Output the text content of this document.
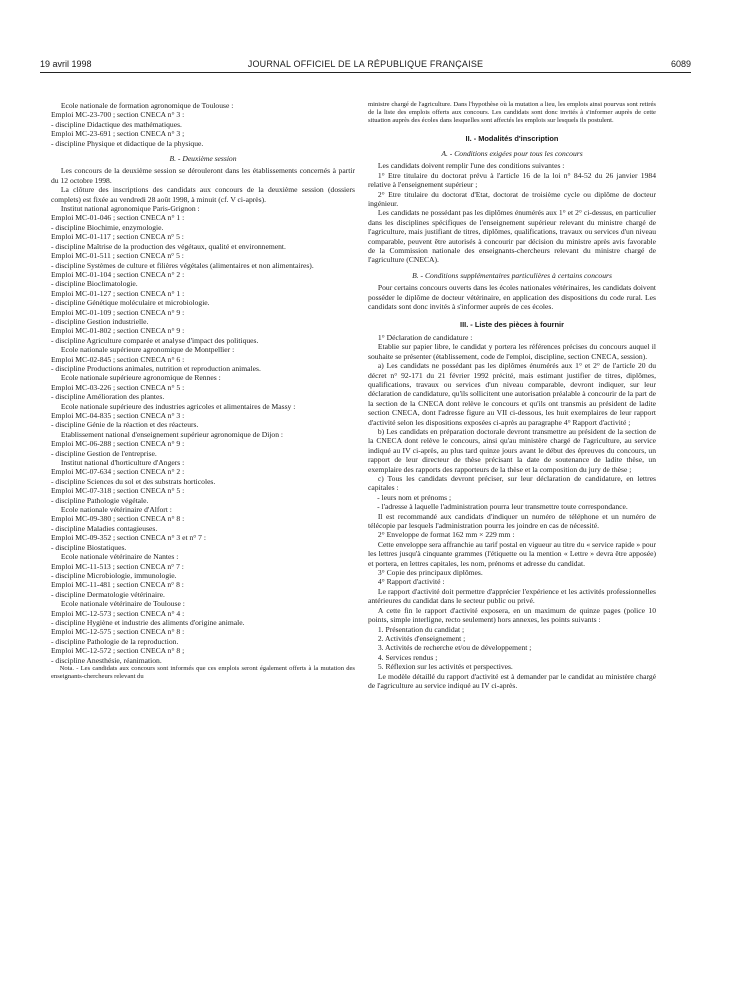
19 avril 1998	JOURNAL OFFICIEL DE LA RÉPUBLIQUE FRANÇAISE	6089

Ecole nationale de formation agronomique de Toulouse :

Emploi MC-23-700 ; section CNECA n° 3 :

- discipline Didactique des mathématiques.

Emploi MC-23-691 ; section CNECA n° 3 ;

- discipline Physique et didactique de la physique.

B. - Deuxième session

Les concours de la deuxième session se dérouleront dans les établissements concernés à partir du 12 octobre 1998.

La clôture des inscriptions des candidats aux concours de la deuxième session (dossiers complets) est fixée au vendredi 28 août 1998, à minuit (cf. V ci-après).

Institut national agronomique Paris-Grignon :

Emploi MC-01-046 ; section CNECA n° 1 :

- discipline Biochimie, enzymologie.

Emploi MC-01-117 ; section CNECA n° 5 :

- discipline Maîtrise de la production des végétaux, qualité et environnement.

Emploi MC-01-511 ; section CNECA n° 5 :

- discipline Systèmes de culture et filières végétales (alimentaires et non alimentaires).

Emploi MC-01-104 ; section CNECA n° 2 :

- discipline Bioclimatologie.

Emploi MC-01-127 ; section CNECA n° 1 :

- discipline Génétique moléculaire et microbiologie.

Emploi MC-01-109 ; section CNECA n° 9 :

- discipline Gestion industrielle.

Emploi MC-01-802 ; section CNECA n° 9 :

- discipline Agriculture comparée et analyse d'impact des politiques.

Ecole nationale supérieure agronomique de Montpellier :

Emploi MC-02-845 ; section CNECA n° 6 :

- discipline Productions animales, nutrition et reproduction animales.

Ecole nationale supérieure agronomique de Rennes :

Emploi MC-03-226 ; section CNECA n° 5 :

- discipline Amélioration des plantes.

Ecole nationale supérieure des industries agricoles et alimentaires de Massy :

Emploi MC-04-835 ; section CNECA n° 3 :

- discipline Génie de la réaction et des réacteurs.

Etablissement national d'enseignement supérieur agronomique de Dijon :

Emploi MC-06-288 ; section CNECA n° 9 :

- discipline Gestion de l'entreprise.

Institut national d'horticulture d'Angers :

Emploi MC-07-634 ; section CNECA n° 2 :

- discipline Sciences du sol et des substrats horticoles.

Emploi MC-07-318 ; section CNECA n° 5 :

- discipline Pathologie végétale.

Ecole nationale vétérinaire d'Alfort :

Emploi MC-09-380 ; section CNECA n° 8 :

- discipline Maladies contagieuses.

Emploi MC-09-352 ; section CNECA n° 3 et n° 7 :

- discipline Biostatiques.

Ecole nationale vétérinaire de Nantes :

Emploi MC-11-513 ; section CNECA n° 7 :

- discipline Microbiologie, immunologie.

Emploi MC-11-481 ; section CNECA n° 8 :

- discipline Dermatologie vétérinaire.

Ecole nationale vétérinaire de Toulouse :

Emploi MC-12-573 ; section CNECA n° 4 :

- discipline Hygiène et industrie des aliments d'origine animale.

Emploi MC-12-575 ; section CNECA n° 8 :

- discipline Pathologie de la reproduction.

Emploi MC-12-572 ; section CNECA n° 8 ;

- discipline Anesthésie, réanimation.

Nota. - Les candidats aux concours sont informés que ces emplois seront également offerts à la mutation des enseignants-chercheurs relevant du

ministre chargé de l'agriculture. Dans l'hypothèse où la mutation a lieu, les emplois ainsi pourvus sont retirés de la liste des emplois offerts aux concours. Les candidats sont donc invités à s'informer auprès de cette situation auprès des écoles dans lesquelles sont affectés les emplois sur lesquels ils postulent.

II. - Modalités d'inscription

A. - Conditions exigées pour tous les concours

Les candidats doivent remplir l'une des conditions suivantes :

1° Etre titulaire du doctorat prévu à l'article 16 de la loi n° 84-52 du 26 janvier 1984 relative à l'enseignement supérieur ;

2° Etre titulaire du doctorat d'Etat, doctorat de troisième cycle ou diplôme de docteur ingénieur.

Les candidats ne possédant pas les diplômes énumérés aux 1° et 2° ci-dessus, en particulier dans les disciplines spécifiques de l'enseignement supérieur relevant du ministre chargé de l'agriculture, mais justifiant de titres, diplômes, qualifications, travaux ou services d'un niveau comparable, peuvent être autorisés à concourir par décision du ministre après avis favorable de la Commission nationale des enseignants-chercheurs relevant du ministre chargé de l'agriculture (CNECA).

B. - Conditions supplémentaires particulières à certains concours

Pour certains concours ouverts dans les écoles nationales vétérinaires, les candidats doivent posséder le diplôme de docteur vétérinaire, en application des dispositions du code rural. Les candidats sont donc invités à s'informer auprès de ces écoles.

III. - Liste des pièces à fournir

1° Déclaration de candidature :

Etablie sur papier libre, le candidat y portera les références précises du concours auquel il souhaite se présenter (établissement, code de l'emploi, discipline, section CNECA, session).

a) Les candidats ne possédant pas les diplômes énumérés aux 1° et 2° de l'article 20 du décret n° 92-171 du 21 février 1992 précité, mais estimant justifier de titres, diplômes, qualifications, travaux ou services d'un niveau comparable, devront indiquer, sur leur déclaration de candidature, qu'ils sollicitent une autorisation préalable à concourir de la part de la section de la CNECA dont relève le concours et qu'ils ont transmis au président de ladite section CNECA, dont l'adresse figure au VII ci-dessous, les huit exemplaires de leur rapport d'activité selon les dispositions exposées ci-après au paragraphe 4° Rapport d'activité ;

b) Les candidats en préparation doctorale devront transmettre au président de la section de la CNECA dont relève le concours, ainsi qu'au ministère chargé de l'agriculture, au service indiqué au IV ci-après, au plus tard quinze jours avant le début des épreuves du concours, un rapport de leur directeur de thèse précisant la date de soutenance de ladite thèse, un exemplaire des rapports des rapporteurs de la thèse et la composition du jury de thèse ;

c) Tous les candidats devront préciser, sur leur déclaration de candidature, en lettres capitales :

- leurs nom et prénoms ;

- l'adresse à laquelle l'administration pourra leur transmettre toute correspondance.

Il est recommandé aux candidats d'indiquer un numéro de téléphone et un numéro de télécopie par lesquels l'administration pourra les joindre en cas de nécessité.

2° Enveloppe de format 162 mm × 229 mm :

Cette enveloppe sera affranchie au tarif postal en vigueur au titre du « service rapide » pour les lettres jusqu'à cinquante grammes (l'étiquette ou la mention « Lettre » devra être apposée) et portera, en lettres capitales, les nom, prénoms et adresse du candidat.

3° Copie des principaux diplômes.

4° Rapport d'activité :

Le rapport d'activité doit permettre d'apprécier l'expérience et les activités professionnelles antérieures du candidat dans le secteur public ou privé.

A cette fin le rapport d'activité exposera, en un maximum de quinze pages (police 10 points, simple interligne, recto seulement) hors annexes, les points suivants :

1. Présentation du candidat ;

2. Activités d'enseignement ;

3. Activités de recherche et/ou de développement ;

4. Services rendus ;

5. Réflexion sur les activités et perspectives.

Le modèle détaillé du rapport d'activité est à demander par le candidat au ministère chargé de l'agriculture au service indiqué au IV ci-après.
